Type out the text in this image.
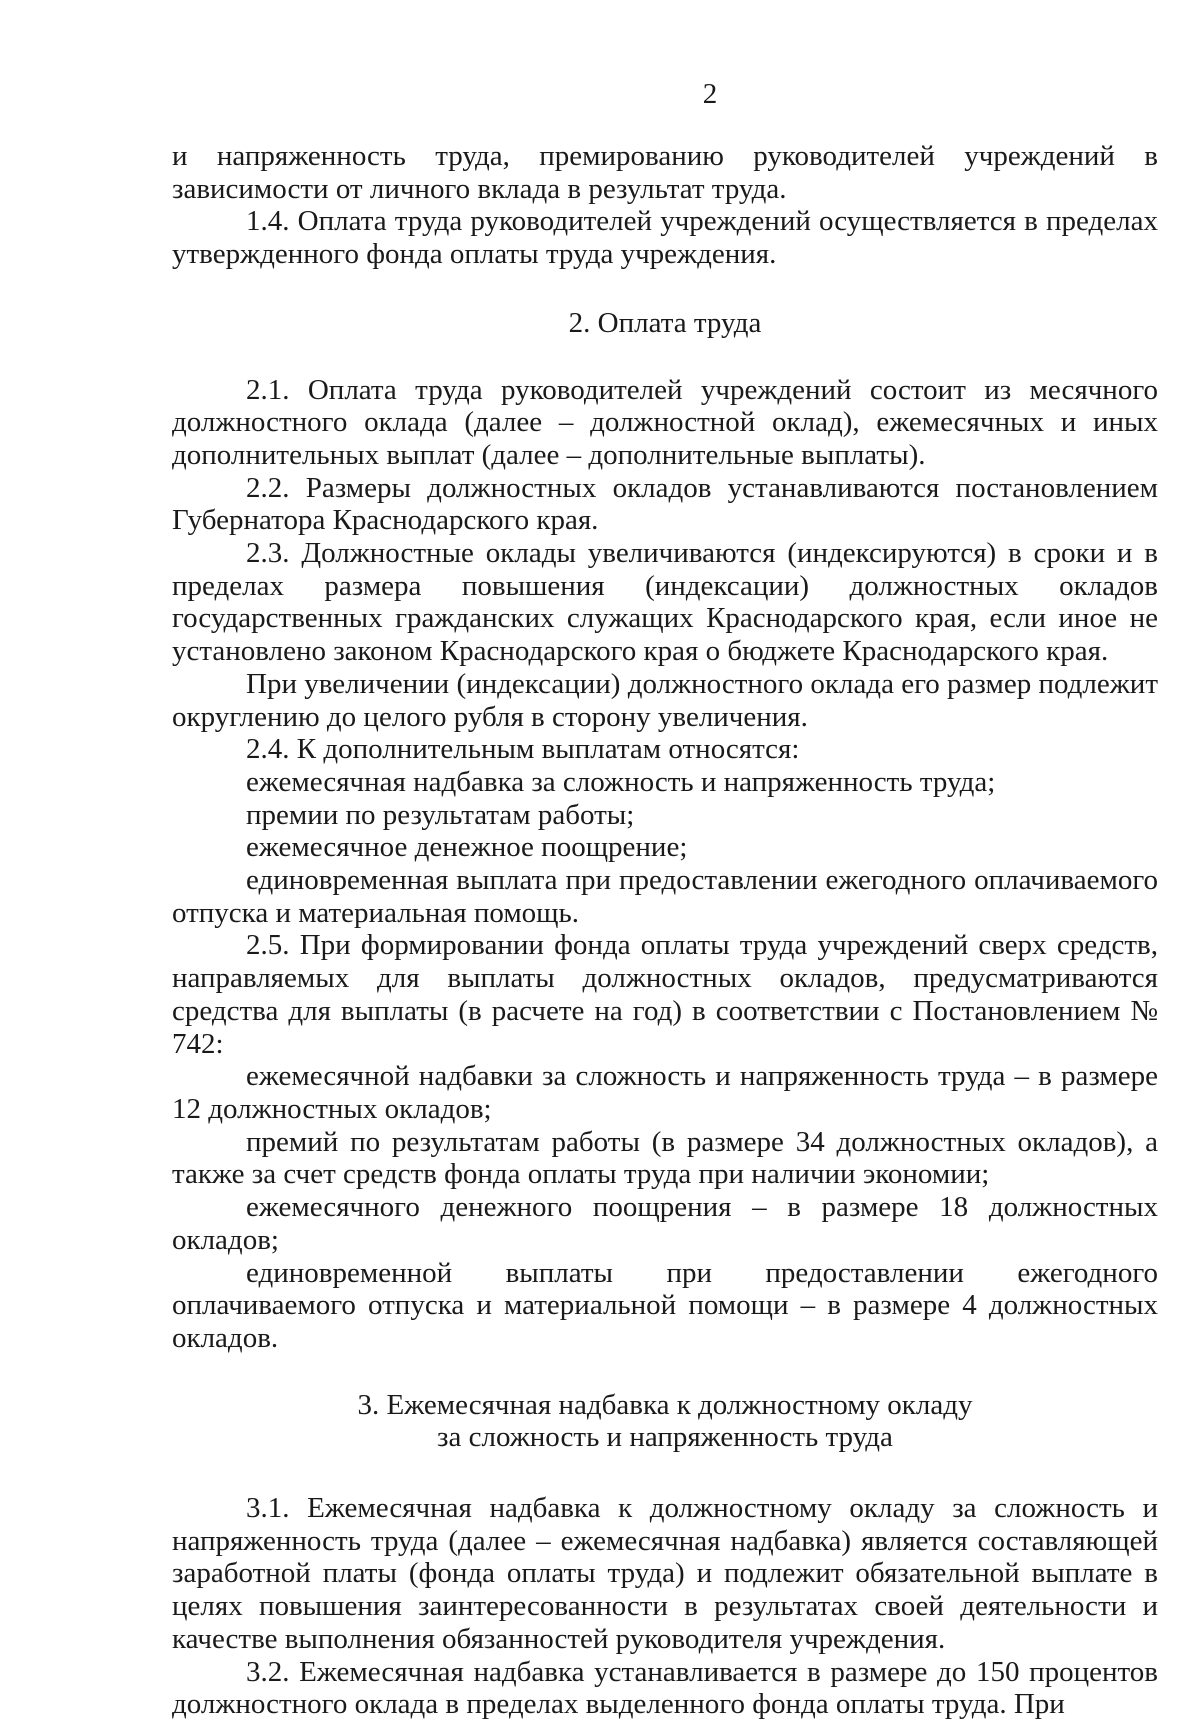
2

и напряженность труда, премированию руководителей учреждений в зависимости от личного вклада в результат труда.

1.4. Оплата труда руководителей учреждений осуществляется в пределах утвержденного фонда оплаты труда учреждения.

2. Оплата труда

2.1. Оплата труда руководителей учреждений состоит из месячного должностного оклада (далее – должностной оклад), ежемесячных и иных дополнительных выплат (далее – дополнительные выплаты).

2.2. Размеры должностных окладов устанавливаются постановлением Губернатора Краснодарского края.

2.3. Должностные оклады увеличиваются (индексируются) в сроки и в пределах размера повышения (индексации) должностных окладов государственных гражданских служащих Краснодарского края, если иное не установлено законом Краснодарского края о бюджете Краснодарского края.

При увеличении (индексации) должностного оклада его размер подлежит округлению до целого рубля в сторону увеличения.

2.4. К дополнительным выплатам относятся:

ежемесячная надбавка за сложность и напряженность труда;

премии по результатам работы;

ежемесячное денежное поощрение;

единовременная выплата при предоставлении ежегодного оплачиваемого отпуска и материальная помощь.

2.5. При формировании фонда оплаты труда учреждений сверх средств, направляемых для выплаты должностных окладов, предусматриваются средства для выплаты (в расчете на год) в соответствии с Постановлением № 742:

ежемесячной надбавки за сложность и напряженность труда – в размере 12 должностных окладов;

премий по результатам работы (в размере 34 должностных окладов), а также за счет средств фонда оплаты труда при наличии экономии;

ежемесячного денежного поощрения – в размере 18 должностных окладов;

единовременной выплаты при предоставлении ежегодного оплачиваемого отпуска и материальной помощи – в размере 4 должностных окладов.

3. Ежемесячная надбавка к должностному окладу

за сложность и напряженность труда

3.1. Ежемесячная надбавка к должностному окладу за сложность и напряженность труда (далее – ежемесячная надбавка) является составляющей заработной платы (фонда оплаты труда) и подлежит обязательной выплате в целях повышения заинтересованности в результатах своей деятельности и качестве выполнения обязанностей руководителя учреждения.

3.2. Ежемесячная надбавка устанавливается в размере до 150 процентов должностного оклада в пределах выделенного фонда оплаты труда. При
